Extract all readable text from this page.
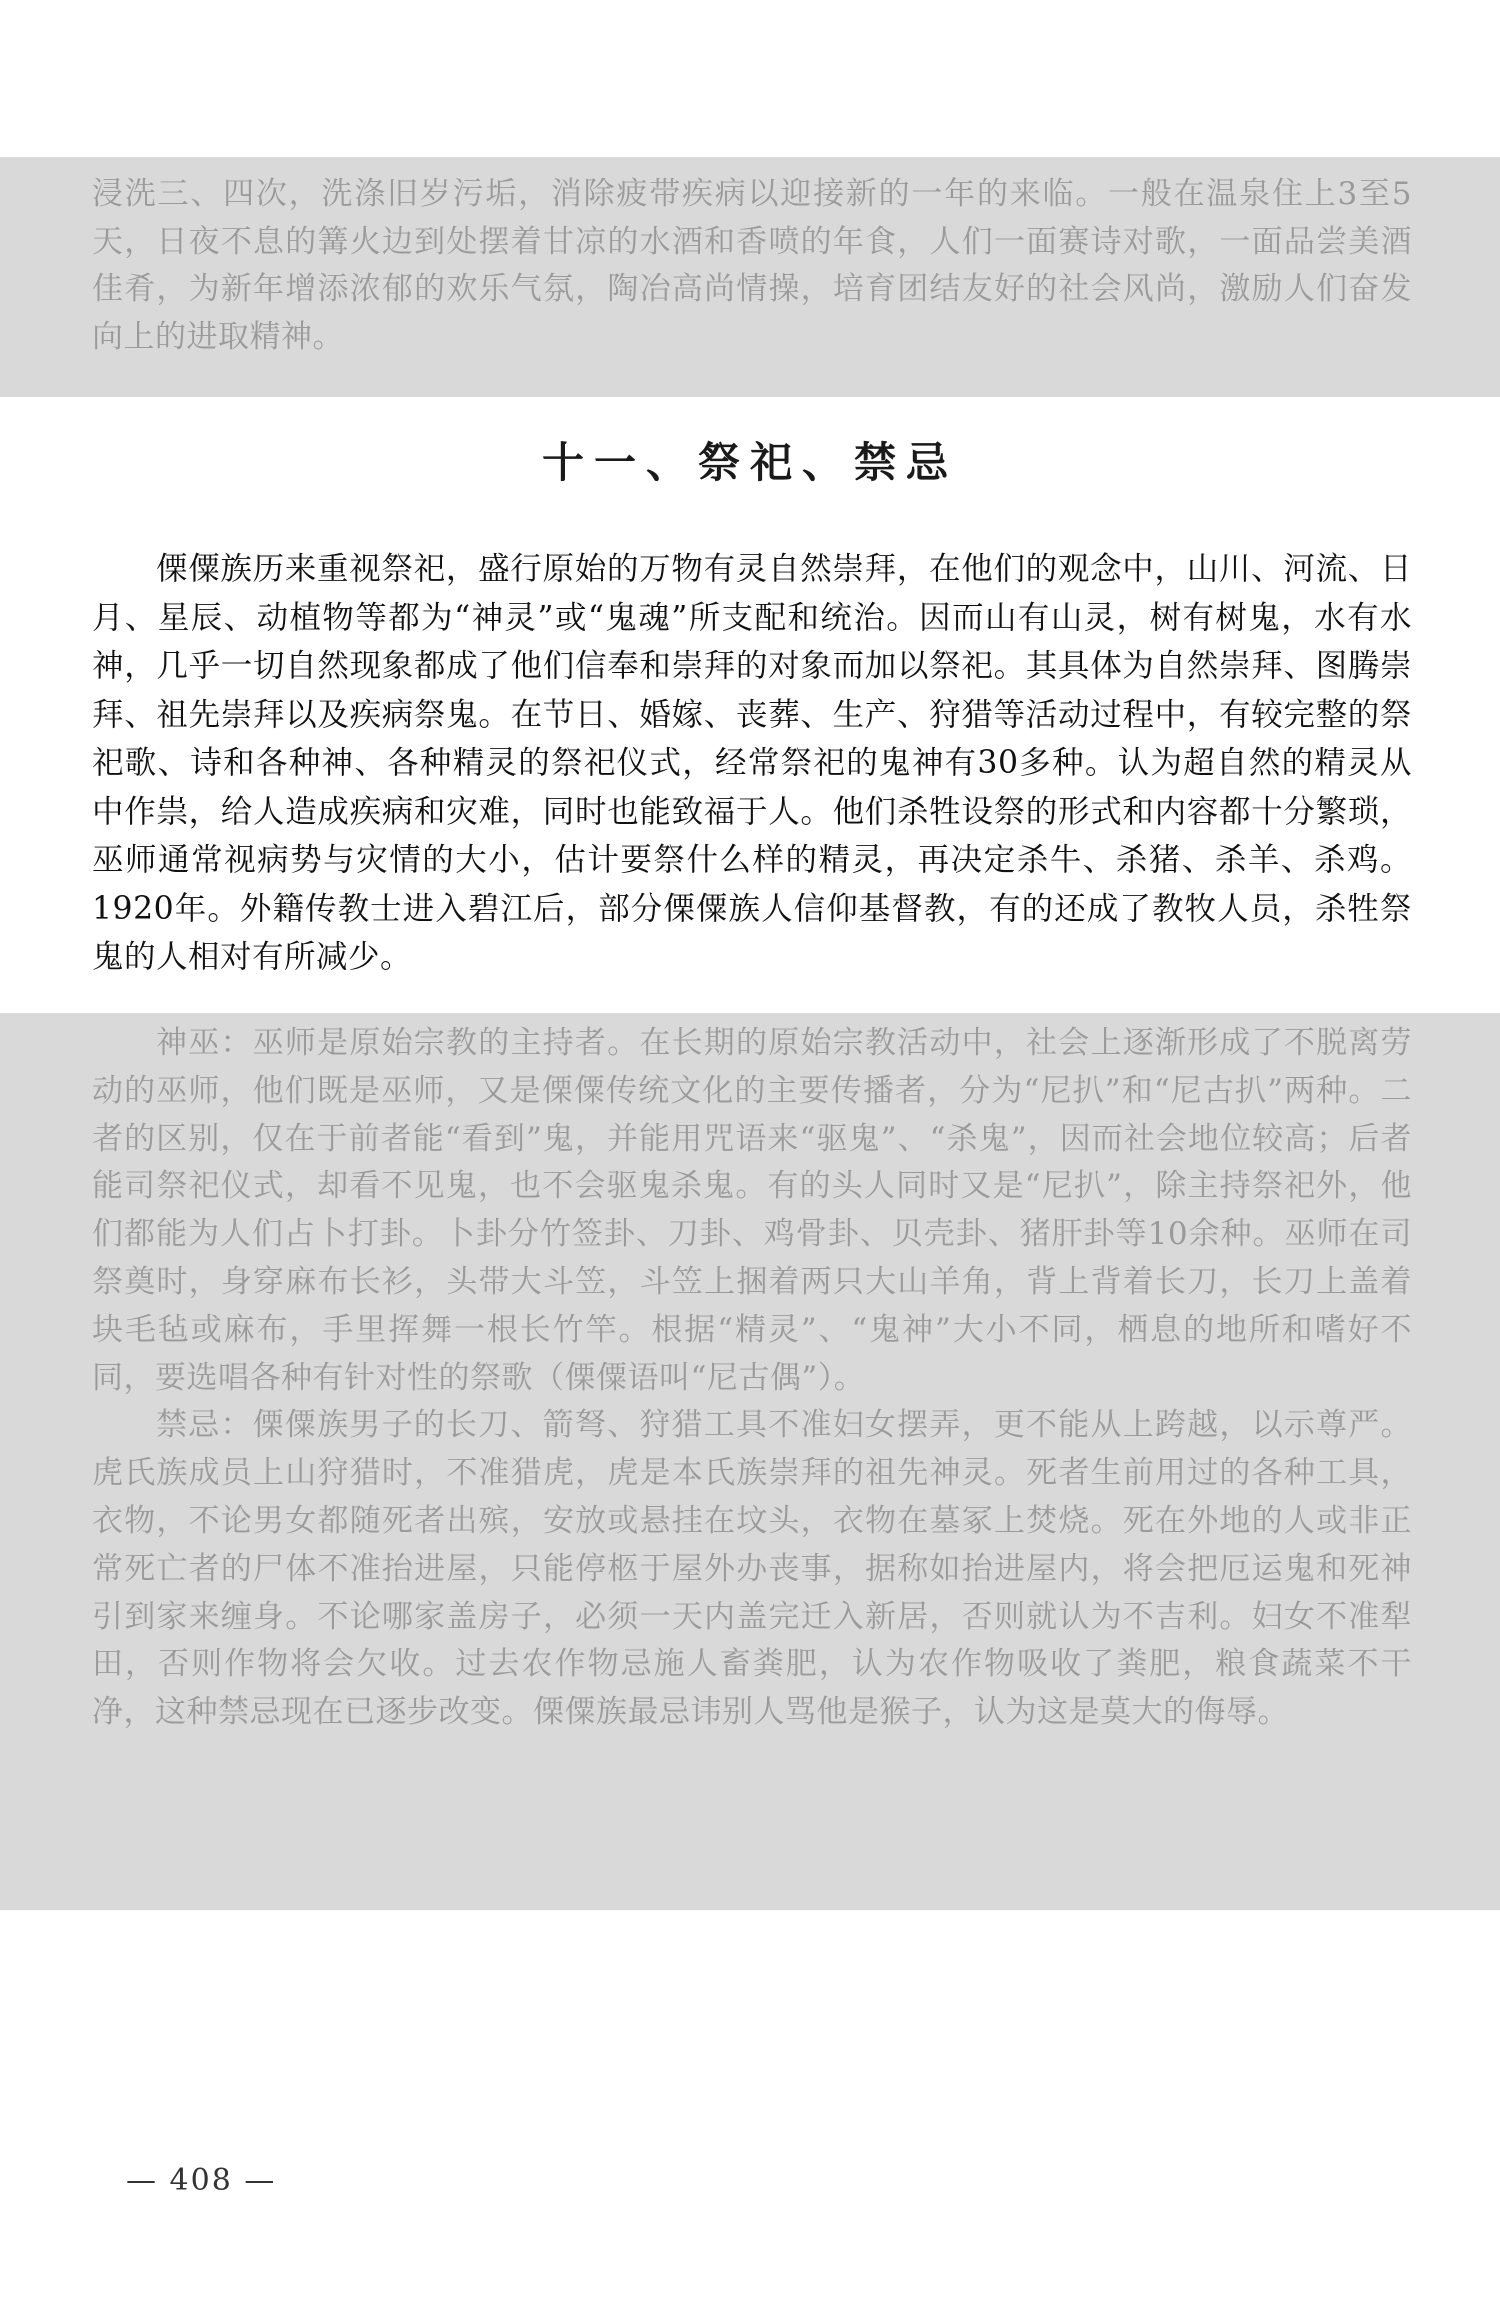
浸洗三、四次，洗涤旧岁污垢，消除疲带疾病以迎接新的一年的来临。一般在温泉住上3至5天，日夜不息的篝火边到处摆着甘凉的水酒和香喷的年食，人们一面赛诗对歌，一面品尝美酒佳肴，为新年增添浓郁的欢乐气氛，陶冶高尚情操，培育团结友好的社会风尚，激励人们奋发向上的进取精神。

十一、祭祀、禁忌

傈僳族历来重视祭祀，盛行原始的万物有灵自然崇拜，在他们的观念中，山川、河流、日月、星辰、动植物等都为“神灵”或“鬼魂”所支配和统治。因而山有山灵，树有树鬼，水有水神，几乎一切自然现象都成了他们信奉和崇拜的对象而加以祭祀。其具体为自然崇拜、图腾崇拜、祖先崇拜以及疾病祭鬼。在节日、婚嫁、丧葬、生产、狩猎等活动过程中，有较完整的祭祀歌、诗和各种神、各种精灵的祭祀仪式，经常祭祀的鬼神有30多种。认为超自然的精灵从中作祟，给人造成疾病和灾难，同时也能致福于人。他们杀牲设祭的形式和内容都十分繁琐，巫师通常视病势与灾情的大小，估计要祭什么样的精灵，再决定杀牛、杀猪、杀羊、杀鸡。1920年。外籍传教士进入碧江后，部分傈僳族人信仰基督教，有的还成了教牧人员，杀牲祭鬼的人相对有所减少。

神巫：巫师是原始宗教的主持者。在长期的原始宗教活动中，社会上逐渐形成了不脱离劳动的巫师，他们既是巫师，又是傈僳传统文化的主要传播者，分为“尼扒”和“尼古扒”两种。二者的区别，仅在于前者能“看到”鬼，并能用咒语来“驱鬼”、“杀鬼”，因而社会地位较高；后者能司祭祀仪式，却看不见鬼，也不会驱鬼杀鬼。有的头人同时又是“尼扒”，除主持祭祀外，他们都能为人们占卜打卦。卜卦分竹签卦、刀卦、鸡骨卦、贝壳卦、猪肝卦等10余种。巫师在司祭奠时，身穿麻布长衫，头带大斗笠，斗笠上捆着两只大山羊角，背上背着长刀，长刀上盖着块毛毡或麻布，手里挥舞一根长竹竿。根据“精灵”、“鬼神”大小不同，栖息的地所和嗜好不同，要选唱各种有针对性的祭歌（傈僳语叫“尼古偶”）。

禁忌：傈僳族男子的长刀、箭弩、狩猎工具不准妇女摆弄，更不能从上跨越，以示尊严。虎氏族成员上山狩猎时，不准猎虎，虎是本氏族崇拜的祖先神灵。死者生前用过的各种工具，衣物，不论男女都随死者出殡，安放或悬挂在坟头，衣物在墓冢上焚烧。死在外地的人或非正常死亡者的尸体不准抬进屋，只能停柩于屋外办丧事，据称如抬进屋内，将会把厄运鬼和死神引到家来缠身。不论哪家盖房子，必须一天内盖完迁入新居，否则就认为不吉利。妇女不准犁田，否则作物将会欠收。过去农作物忌施人畜粪肥，认为农作物吸收了粪肥，粮食蔬菜不干净，这种禁忌现在已逐步改变。傈僳族最忌讳别人骂他是猴子，认为这是莫大的侮辱。

— 408 —
